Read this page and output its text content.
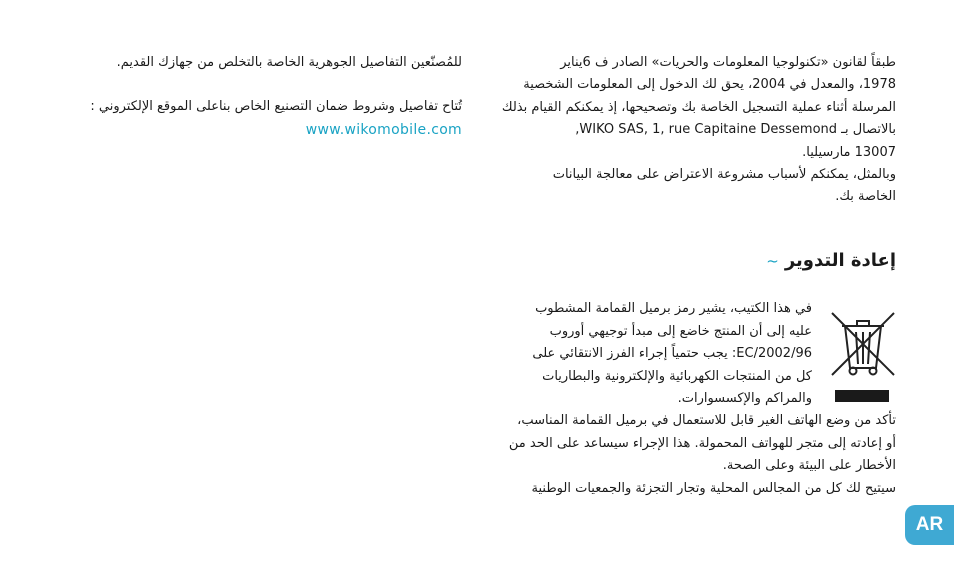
طبقاً لقانون «تكنولوجيا المعلومات والحريات» الصادر ف 6يناير

1978، والمعدل في 2004، يحق لك الدخول إلى المعلومات الشخصية

المرسلة أثناء عملية التسجيل الخاصة بك وتصحيحها، إذ يمكنكم القيام بذلك

بالاتصال بـ WIKO SAS, 1, rue Capitaine Dessemond,

13007 مارسيليا.

وبالمثل، يمكنكم لأسباب مشروعة الاعتراض على معالجة البيانات

الخاصة بك.

للمُصنّعين التفاصيل الجوهرية الخاصة بالتخلص من جهازك القديم.

تُتاح تفاصيل وشروط ضمان التصنيع الخاص بناعلى الموقع الإلكتروني :

www.wikomobile.com
إعادة التدوير~

في هذا الكتيب، يشير رمز برميل القمامة المشطوب

عليه إلى أن المنتج خاضع إلى مبدأ توجيهي أوروب

2002/96/EC: يجب حتمياً إجراء الفرز الانتقائي على

كل من المنتجات الكهربائية والإلكترونية والبطاريات

والمراكم والإكسسوارات.

تأكد من وضع الهاتف الغير قابل للاستعمال في برميل القمامة المناسب،

أو إعادته إلى متجر للهواتف المحمولة. هذا الإجراء سيساعد على الحد من

الأخطار على البيئة وعلى الصحة.

سيتيح لك كل من المجالس المحلية وتجار التجزئة والجمعيات الوطنية

AR
